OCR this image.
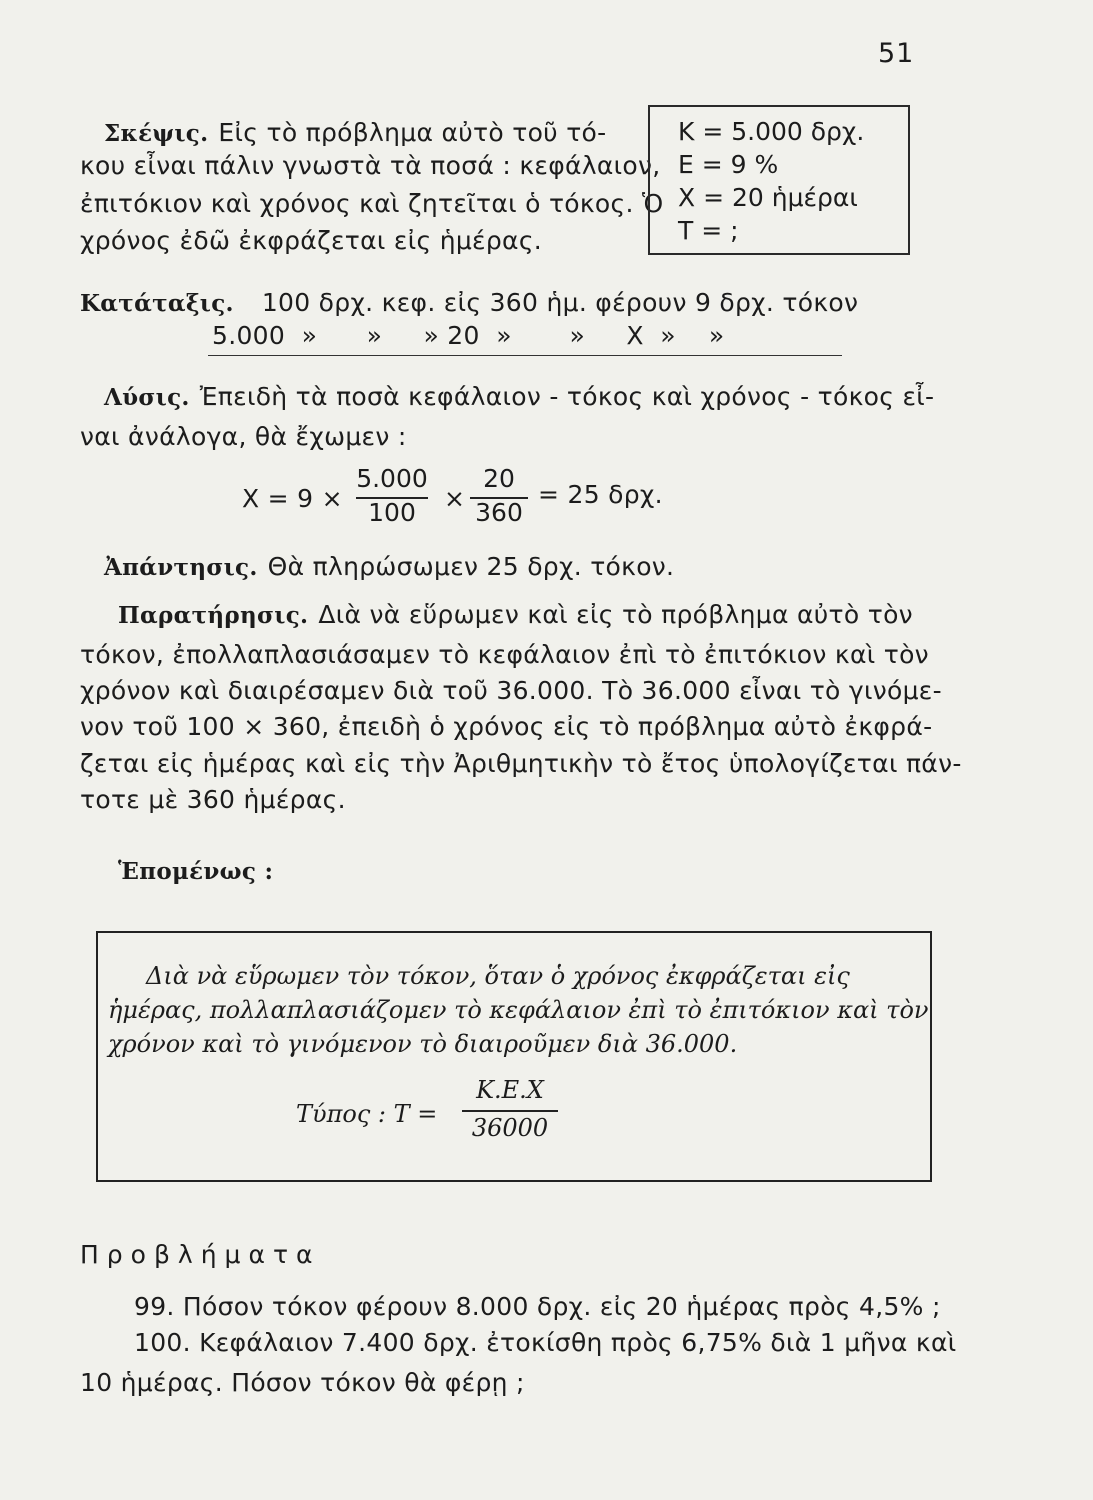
51
Σκέψις. Εἰς τὸ πρόβλημα αὐτὸ τοῦ τό-
κου εἶναι πάλιν γνωστὰ τὰ ποσά : κεφάλαιον,
ἐπιτόκιον καὶ χρόνος καὶ ζητεῖται ὁ τόκος. Ὁ
χρόνος ἐδῶ ἐκφράζεται εἰς ἡμέρας.
Κ = 5.000 δρχ.
Ε = 9 %
Χ = 20 ἡμέραι
Τ = ;
Κατάταξις. 100 δρχ. κεφ. εἰς 360 ἡμ. φέρουν 9 δρχ. τόκον
5.000  »      »     » 20  »       »     Χ  »    »
Λύσις. Ἐπειδὴ τὰ ποσὰ κεφάλαιον - τόκος καὶ χρόνος - τόκος εἶ-
ναι ἀνάλογα, θὰ ἔχωμεν :
Χ = 9 ×
5.000
100	×
20
360
= 25 δρχ.
Ἀπάντησις. Θὰ πληρώσωμεν 25 δρχ. τόκον.
Παρατήρησις. Διὰ νὰ εὕρωμεν καὶ εἰς τὸ πρόβλημα αὐτὸ τὸν
τόκον, ἐπολλαπλασιάσαμεν τὸ κεφάλαιον ἐπὶ τὸ ἐπιτόκιον καὶ τὸν
χρόνον καὶ διαιρέσαμεν διὰ τοῦ 36.000. Τὸ 36.000 εἶναι τὸ γινόμε-
νον τοῦ 100 × 360, ἐπειδὴ ὁ χρόνος εἰς τὸ πρόβλημα αὐτὸ ἐκφρά-
ζεται εἰς ἡμέρας καὶ εἰς τὴν Ἀριθμητικὴν τὸ ἔτος ὑπολογίζεται πάν-
τοτε μὲ 360 ἡμέρας.
Ἑπομένως :
Διὰ νὰ εὕρωμεν τὸν τόκον, ὅταν ὁ χρόνος ἐκφράζεται εἰς
ἡμέρας, πολλαπλασιάζομεν τὸ κεφάλαιον ἐπὶ τὸ ἐπιτόκιον καὶ τὸν
χρόνον καὶ τὸ γινόμενον τὸ διαιροῦμεν διὰ 36.000.
Τύπος : Τ =
Κ.Ε.Χ
36000
Προβλήματα
99. Πόσον τόκον φέρουν 8.000 δρχ. εἰς 20 ἡμέρας πρὸς 4,5% ;
100. Κεφάλαιον 7.400 δρχ. ἐτοκίσθη πρὸς 6,75% διὰ 1 μῆνα καὶ
10 ἡμέρας. Πόσον τόκον θὰ φέρῃ ;
